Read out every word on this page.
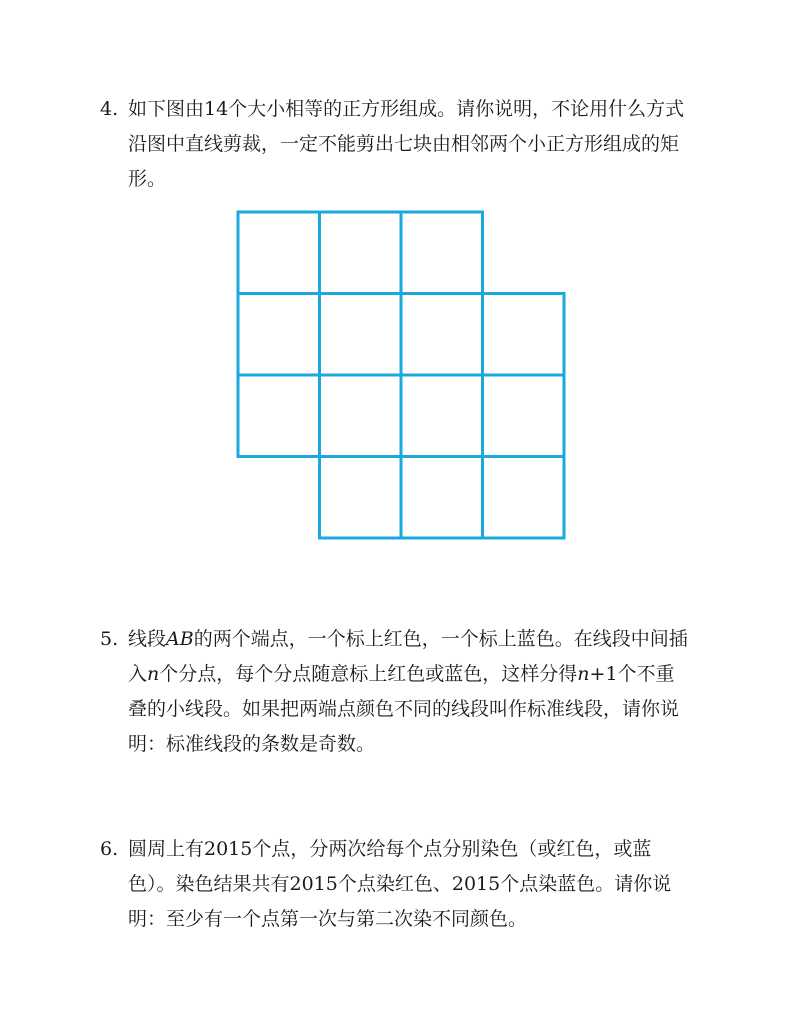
4. 如下图由14个大小相等的正方形组成。请你说明，不论用什么方式
沿图中直线剪裁，一定不能剪出七块由相邻两个小正方形组成的矩
形。
5. 线段AB的两个端点，一个标上红色，一个标上蓝色。在线段中间插
入n个分点，每个分点随意标上红色或蓝色，这样分得n+1个不重
叠的小线段。如果把两端点颜色不同的线段叫作标准线段，请你说
明：标准线段的条数是奇数。
6. 圆周上有2015个点，分两次给每个点分别染色（或红色，或蓝
色）。染色结果共有2015个点染红色、2015个点染蓝色。请你说
明：至少有一个点第一次与第二次染不同颜色。
